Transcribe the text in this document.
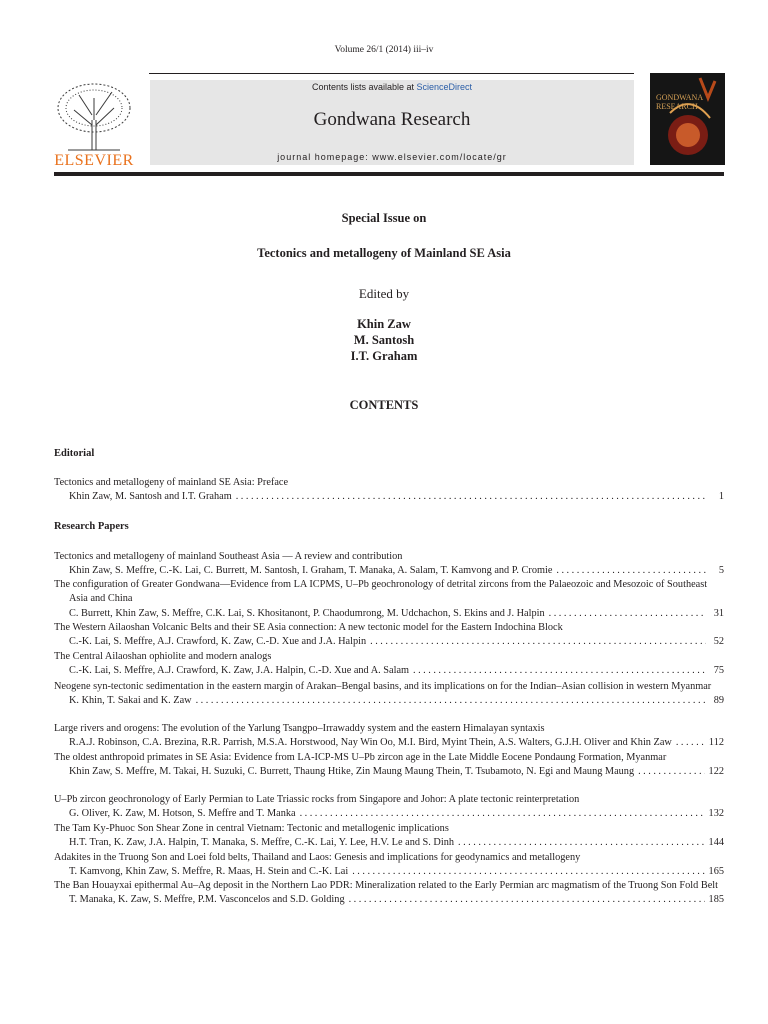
Volume 26/1 (2014) iii–iv
ELSEVIER
Contents lists available at ScienceDirect
Gondwana Research
journal homepage: www.elsevier.com/locate/gr
GONDWANA RESEARCH
Special Issue on
Tectonics and metallogeny of Mainland SE Asia
Edited by
Khin Zaw
M. Santosh
I.T. Graham
CONTENTS
Editorial
Research Papers
Tectonics and metallogeny of mainland SE Asia: Preface
Khin Zaw, M. Santosh and I.T. Graham .....	1
Tectonics and metallogeny of mainland Southeast Asia — A review and contribution
Khin Zaw, S. Meffre, C.-K. Lai, C. Burrett, M. Santosh, I. Graham, T. Manaka, A. Salam, T. Kamvong and P. Cromie .....	5
The configuration of Greater Gondwana—Evidence from LA ICPMS, U–Pb geochronology of detrital zircons from the Palaeozoic and Mesozoic of Southeast Asia and China
C. Burrett, Khin Zaw, S. Meffre, C.K. Lai, S. Khositanont, P. Chaodumrong, M. Udchachon, S. Ekins and J. Halpin .....	31
The Western Ailaoshan Volcanic Belts and their SE Asia connection: A new tectonic model for the Eastern Indochina Block
C.-K. Lai, S. Meffre, A.J. Crawford, K. Zaw, C.-D. Xue and J.A. Halpin .....	52
The Central Ailaoshan ophiolite and modern analogs
C.-K. Lai, S. Meffre, A.J. Crawford, K. Zaw, J.A. Halpin, C.-D. Xue and A. Salam .....	75
Neogene syn-tectonic sedimentation in the eastern margin of Arakan–Bengal basins, and its implications on for the Indian–Asian collision in western Myanmar
K. Khin, T. Sakai and K. Zaw .....	89
Large rivers and orogens: The evolution of the Yarlung Tsangpo–Irrawaddy system and the eastern Himalayan syntaxis
R.A.J. Robinson, C.A. Brezina, R.R. Parrish, M.S.A. Horstwood, Nay Win Oo, M.I. Bird, Myint Thein, A.S. Walters, G.J.H. Oliver and Khin Zaw .....	112
The oldest anthropoid primates in SE Asia: Evidence from LA-ICP-MS U–Pb zircon age in the Late Middle Eocene Pondaung Formation, Myanmar
Khin Zaw, S. Meffre, M. Takai, H. Suzuki, C. Burrett, Thaung Htike, Zin Maung Maung Thein, T. Tsubamoto, N. Egi and Maung Maung .....	122
U–Pb zircon geochronology of Early Permian to Late Triassic rocks from Singapore and Johor: A plate tectonic reinterpretation
G. Oliver, K. Zaw, M. Hotson, S. Meffre and T. Manka .....	132
The Tam Ky-Phuoc Son Shear Zone in central Vietnam: Tectonic and metallogenic implications
H.T. Tran, K. Zaw, J.A. Halpin, T. Manaka, S. Meffre, C.-K. Lai, Y. Lee, H.V. Le and S. Dinh .....	144
Adakites in the Truong Son and Loei fold belts, Thailand and Laos: Genesis and implications for geodynamics and metallogeny
T. Kamvong, Khin Zaw, S. Meffre, R. Maas, H. Stein and C.-K. Lai .....	165
The Ban Houayxai epithermal Au–Ag deposit in the Northern Lao PDR: Mineralization related to the Early Permian arc magmatism of the Truong Son Fold Belt
T. Manaka, K. Zaw, S. Meffre, P.M. Vasconcelos and S.D. Golding .....	185
